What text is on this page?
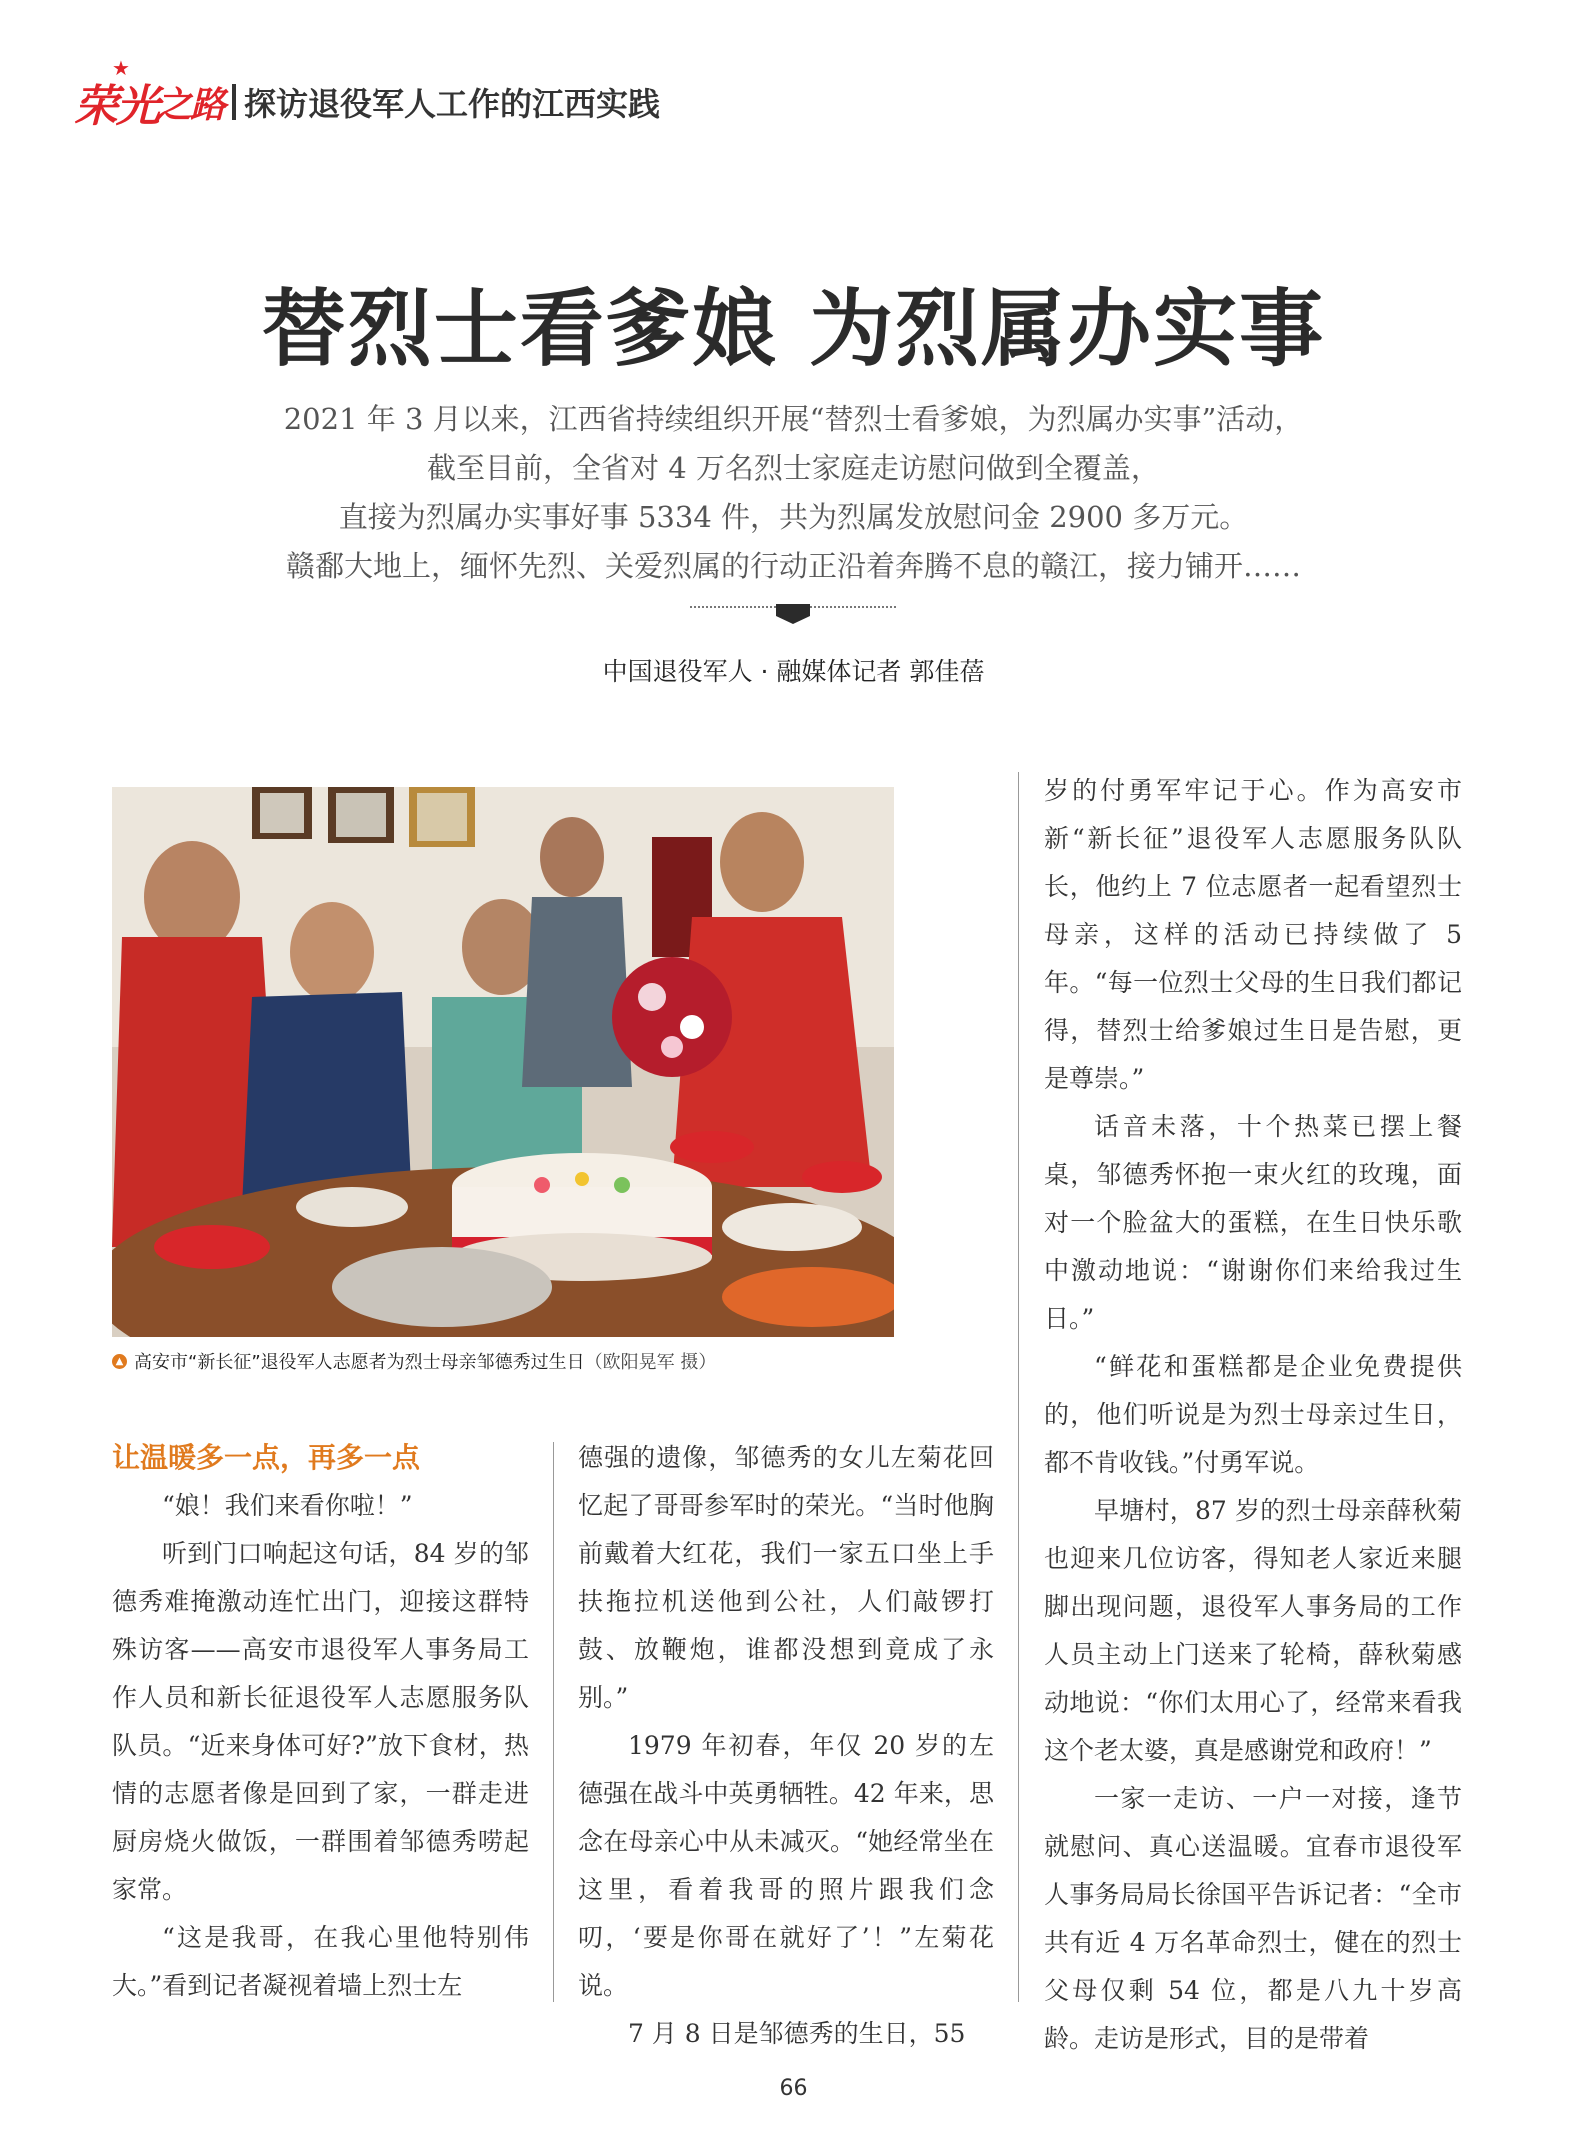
荣光
★
之路 探访退役军人工作的江西实践
替烈士看爹娘 为烈属办实事

2021 年 3 月以来，江西省持续组织开展“替烈士看爹娘，为烈属办实事”活动，

截至目前，全省对 4 万名烈士家庭走访慰问做到全覆盖，

直接为烈属办实事好事 5334 件，共为烈属发放慰问金 2900 多万元。

赣鄱大地上，缅怀先烈、关爱烈属的行动正沿着奔腾不息的赣江，接力铺开……

中国退役军人 · 融媒体记者 郭佳蓓
▲ 高安市“新长征”退役军人志愿者为烈士母亲邹德秀过生日 （欧阳晃军 摄）

让温暖多一点，再多一点

“娘！我们来看你啦！”

听到门口响起这句话，84 岁的邹德秀难掩激动连忙出门，迎接这群特殊访客——高安市退役军人事务局工作人员和新长征退役军人志愿服务队队员。“近来身体可好?”放下食材，热情的志愿者像是回到了家，一群走进厨房烧火做饭，一群围着邹德秀唠起家常。

“这是我哥，在我心里他特别伟大。”看到记者凝视着墙上烈士左

德强的遗像，邹德秀的女儿左菊花回忆起了哥哥参军时的荣光。“当时他胸前戴着大红花，我们一家五口坐上手扶拖拉机送他到公社，人们敲锣打鼓、放鞭炮，谁都没想到竟成了永别。”

1979 年初春，年仅 20 岁的左德强在战斗中英勇牺牲。42 年来，思念在母亲心中从未减灭。“她经常坐在这里，看着我哥的照片跟我们念叨，‘要是你哥在就好了’！”左菊花说。

7 月 8 日是邹德秀的生日，55

岁的付勇军牢记于心。作为高安市新“新长征”退役军人志愿服务队队长，他约上 7 位志愿者一起看望烈士母亲，这样的活动已持续做了 5 年。“每一位烈士父母的生日我们都记得，替烈士给爹娘过生日是告慰，更是尊崇。”

话音未落，十个热菜已摆上餐桌，邹德秀怀抱一束火红的玫瑰，面对一个脸盆大的蛋糕，在生日快乐歌中激动地说：“谢谢你们来给我过生日。”

“鲜花和蛋糕都是企业免费提供的，他们听说是为烈士母亲过生日，都不肯收钱。”付勇军说。

早塘村，87 岁的烈士母亲薛秋菊也迎来几位访客，得知老人家近来腿脚出现问题，退役军人事务局的工作人员主动上门送来了轮椅，薛秋菊感动地说：“你们太用心了，经常来看我这个老太婆，真是感谢党和政府！”

一家一走访、一户一对接，逢节就慰问、真心送温暖。宜春市退役军人事务局局长徐国平告诉记者：“全市共有近 4 万名革命烈士，健在的烈士父母仅剩 54 位，都是八九十岁高龄。走访是形式，目的是带着

66
